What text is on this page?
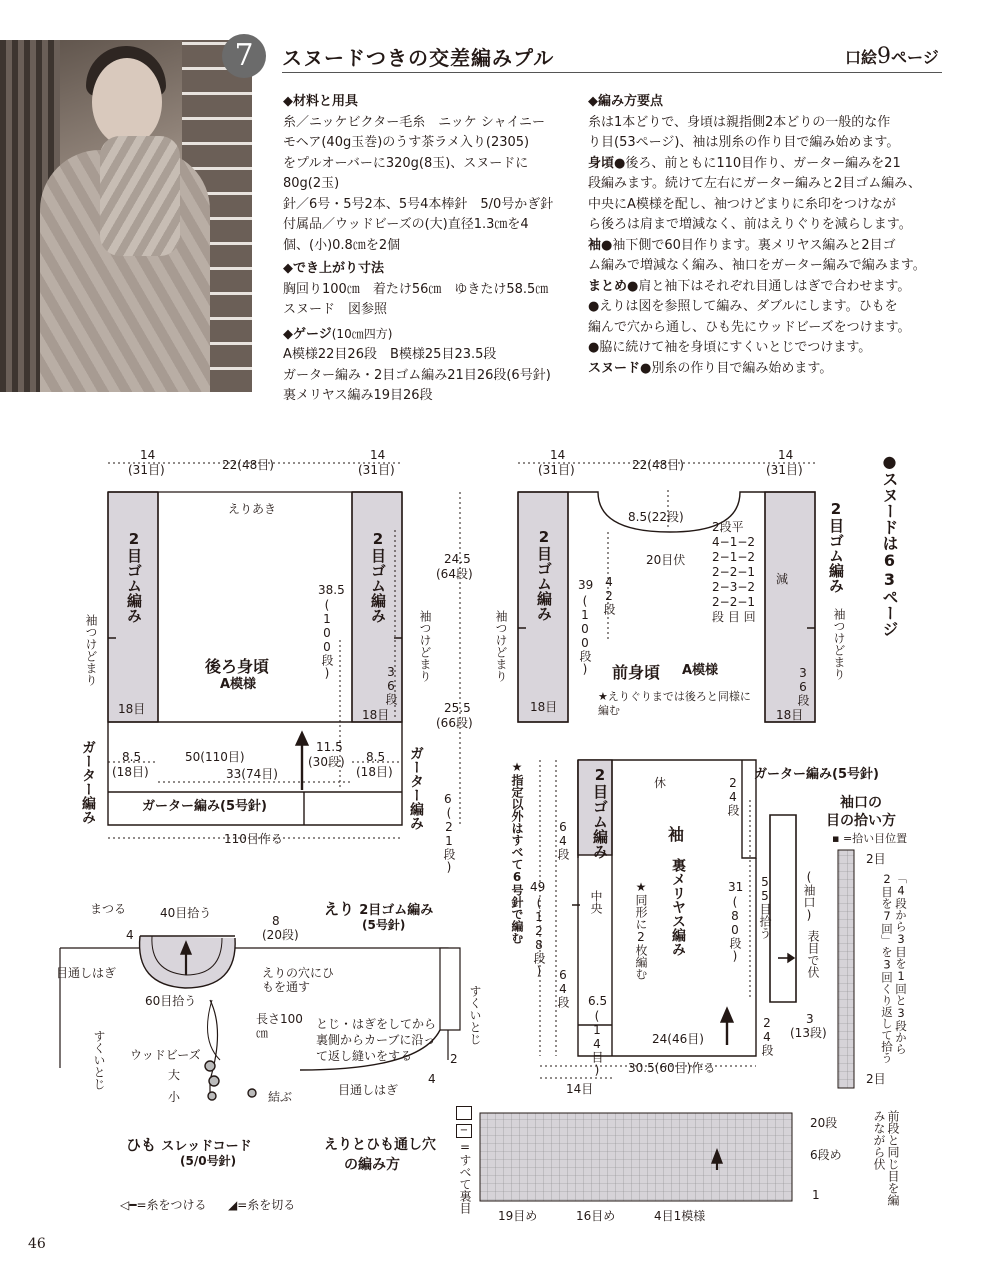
7	スヌードつきの交差編みプル	口絵9ページ
◆材料と用具
糸／ニッケビクター毛糸　ニッケ シャイニー
モヘア(40g玉巻)のうす茶ラメ入り(2305)
をプルオーバーに320g(8玉)、スヌードに
80g(2玉)
針／6号・5号2本、5号4本棒針　5/0号かぎ針
付属品／ウッドビーズの(大)直径1.3㎝を4
個、(小)0.8㎝を2個
◆でき上がり寸法
胸回り100㎝　着たけ56㎝　ゆきたけ58.5㎝
スヌード　図参照
◆ゲージ(10㎝四方)
A模様22目26段　B模様25目23.5段
ガーター編み・2目ゴム編み21目26段(6号針)
裏メリヤス編み19目26段
◆編み方要点
糸は1本どりで、身頃は親指側2本どりの一般的な作
り目(53ページ)、袖は別糸の作り目で編み始めます。
身頃●後ろ、前ともに110目作り、ガーター編みを21
段編みます。続けて左右にガーター編みと2目ゴム編み、
中央にA模様を配し、袖つけどまりに糸印をつけなが
ら後ろは肩まで増減なく、前はえりぐりを減らします。
袖●袖下側で60目作ります。裏メリヤス編みと2目ゴ
ム編みで増減なく編み、袖口をガーター編みで編みます。
まとめ●肩と袖下はそれぞれ目通しはぎで合わせます。
●えりは図を参照して編み、ダブルにします。ひもを
編んで穴から通し、ひも先にウッドビーズをつけます。
●脇に続けて袖を身頃にすくいとじでつけます。
スヌード●別糸の作り目で編み始めます。
14
(31目)	22(48目)
14
(31目)
えりあき
2目ゴム編み	2目ゴム編み
38.5
(100段)
袖つけどまり	袖つけどまり
36段
後ろ身頃
A模様
18目	18目
24.5
(64段)
25.5
(66段)
ガーター編み	ガーター編み
8.5
(18目)
8.5
(18目)
50(110目)
33(74目)
11.5
(30段)
ガーター編み(5号針)
110目作る
6
(21段)
14
(31目)	22(48目)
14
(31目)
8.5(22段)
20目伏
2段平
4−1−2
2−1−2
2−2−1
2−3−2
2−2−1
段 目 回
減
2目ゴム編み	2目ゴム編み
39
(100段) 42段
袖つけどまり	袖つけどまり
36段
前身頃 A模様
★えりぐりまでは後ろと同様に編む
18目
18目
●スヌードは63ページ
★指定以外はすべて6号針で編む	2目ゴム編み
中央
休
袖
裏メリヤス編み
★同形に2枚編む
64段
49
(128段)
64段 6.5
(14目)
24段
31
(80段)
24段
24(46目)
30.5(60目)作る
14目
ガーター編み(5号針)
55目拾う	(袖口)
表目で伏
3
(13段)
袖口の
目の拾い方
▪ =拾い目位置
2目
2目
「4段から3目を1回と3段から2目を7回」を3回くり返して拾う
えり 2目ゴム編み
(5号針)
まつる	40目拾う
4
8
(20段)
目通しはぎ	えりの穴にひもを通す
60目拾う
すくいとじ
長さ100㎝
ウッドビーズ
大
小	結ぶ
とじ・はぎをしてから裏側からカーブに沿って返し縫いをする	2
4
目通しはぎ
すくいとじ
ひも スレッドコード
(5/0号針)
えりとひも通し穴
の編み方
−
=すべて裏目
20段
6段め
1
19目め	16目め	4目1模様
前段と同じ目を編みながら伏
◁━=糸をつける ◢=糸を切る
46
